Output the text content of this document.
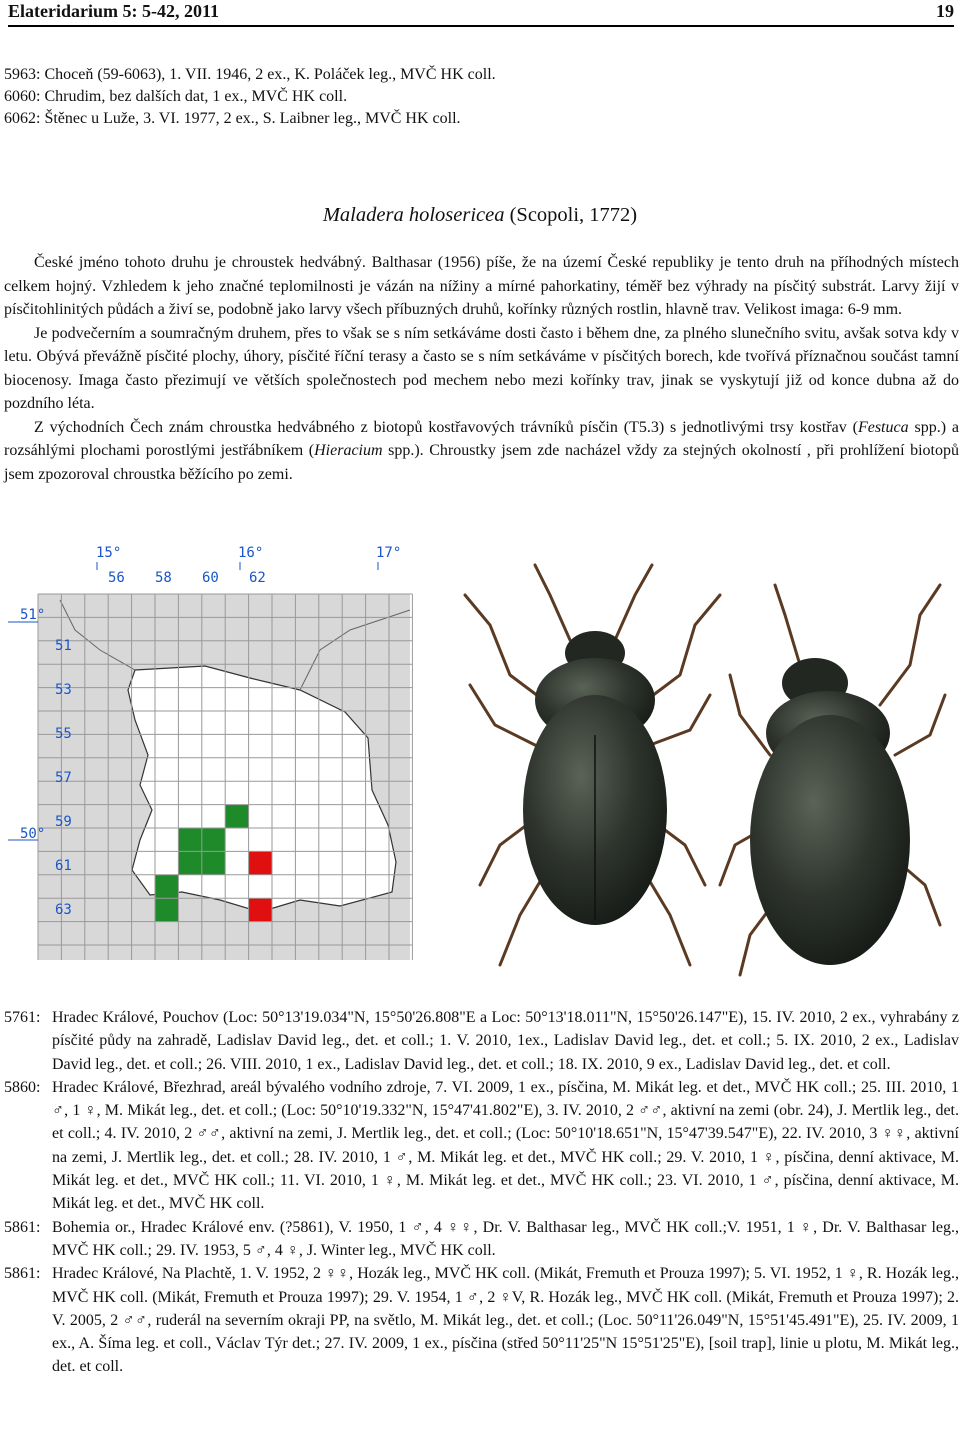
Elateridarium 5: 5-42, 2011	19
5963: Choceň (59-6063), 1. VII. 1946, 2 ex., K. Poláček leg., MVČ HK coll.
6060: Chrudim, bez dalších dat, 1 ex., MVČ HK coll.
6062: Štěnec u Luže, 3. VI. 1977, 2 ex., S. Laibner leg., MVČ HK coll.
Maladera holosericea (Scopoli, 1772)

České jméno tohoto druhu je chroustek hedvábný. Balthasar (1956) píše, že na území České republiky je tento druh na příhodných místech celkem hojný. Vzhledem k jeho značné teplomilnosti je vázán na nížiny a mírné pahorkatiny, téměř bez výhrady na písčitý substrát. Larvy žijí v písčitohlinitých půdách a živí se, podobně jako larvy všech příbuzných druhů, kořínky různých rostlin, hlavně trav. Velikost imaga: 6-9 mm.

Je podvečerním a soumračným druhem, přes to však se s ním setkáváme dosti často i během dne, za plného slunečního svitu, avšak sotva kdy v letu. Obývá převážně písčité plochy, úhory, písčité říční terasy a často se s ním setkáváme v písčitých borech, kde tvořívá příznačnou součást tamní biocenosy. Imaga často přezimují ve větších společnostech pod mechem nebo mezi kořínky trav, jinak se vyskytují již od konce dubna až do pozdního léta.

Z východních Čech znám chroustka hedvábného z biotopů kostřavových trávníků písčin (T5.3) s jednotlivými trsy kostřav (Festuca spp.) a rozsáhlými plochami porostlými jestřábníkem (Hieracium spp.). Chroustky jsem zde nacházel vždy za stejných okolností , při prohlížení biotopů jsem zpozoroval chroustka běžícího po zemi.

15°	16°	17°
56 58 60 62
51°
50°
51
53
55
57
59
61
63
5761: Hradec Králové, Pouchov (Loc: 50°13'19.034"N, 15°50'26.808"E a Loc: 50°13'18.011"N, 15°50'26.147"E), 15. IV. 2010, 2 ex., vyhrabány z písčité půdy na zahradě, Ladislav David leg., det. et coll.; 1. V. 2010, 1ex., Ladislav David leg., det. et coll.; 5. IX. 2010, 2 ex., Ladislav David leg., det. et coll.; 26. VIII. 2010, 1 ex., Ladislav David leg., det. et coll.; 18. IX. 2010, 9 ex., Ladislav David leg., det. et coll.
5860: Hradec Králové, Březhrad, areál bývalého vodního zdroje, 7. VI. 2009, 1 ex., písčina, M. Mikát leg. et det., MVČ HK coll.; 25. III. 2010, 1 ♂, 1 ♀, M. Mikát leg., det. et coll.; (Loc: 50°10'19.332"N, 15°47'41.802"E), 3. IV. 2010, 2 ♂♂, aktivní na zemi (obr. 24), J. Mertlik leg., det. et coll.; 4. IV. 2010, 2 ♂♂, aktivní na zemi, J. Mertlik leg., det. et coll.; (Loc: 50°10'18.651"N, 15°47'39.547"E), 22. IV. 2010, 3 ♀♀, aktivní na zemi, J. Mertlik leg., det. et coll.; 28. IV. 2010, 1 ♂, M. Mikát leg. et det., MVČ HK coll.; 29. V. 2010, 1 ♀, písčina, denní aktivace, M. Mikát leg. et det., MVČ HK coll.; 11. VI. 2010, 1 ♀, M. Mikát leg. et det., MVČ HK coll.; 23. VI. 2010, 1 ♂, písčina, denní aktivace, M. Mikát leg. et det., MVČ HK coll.
5861: Bohemia or., Hradec Králové env. (?5861), V. 1950, 1 ♂, 4 ♀♀, Dr. V. Balthasar leg., MVČ HK coll.;V. 1951, 1 ♀, Dr. V. Balthasar leg., MVČ HK coll.; 29. IV. 1953, 5 ♂, 4 ♀, J. Winter leg., MVČ HK coll.
5861: Hradec Králové, Na Plachtě, 1. V. 1952, 2 ♀♀, Hozák leg., MVČ HK coll. (Mikát, Fremuth et Prouza 1997); 5. VI. 1952, 1 ♀, R. Hozák leg., MVČ HK coll. (Mikát, Fremuth et Prouza 1997); 29. V. 1954, 1 ♂, 2 ♀V, R. Hozák leg., MVČ HK coll. (Mikát, Fremuth et Prouza 1997); 2. V. 2005, 2 ♂♂, ruderál na severním okraji PP, na světlo, M. Mikát leg., det. et coll.; (Loc. 50°11'26.049"N, 15°51'45.491"E), 25. IV. 2009, 1 ex., A. Šíma leg. et coll., Václav Týr det.; 27. IV. 2009, 1 ex., písčina (střed 50°11'25"N 15°51'25"E), [soil trap], linie u plotu, M. Mikát leg., det. et coll.
